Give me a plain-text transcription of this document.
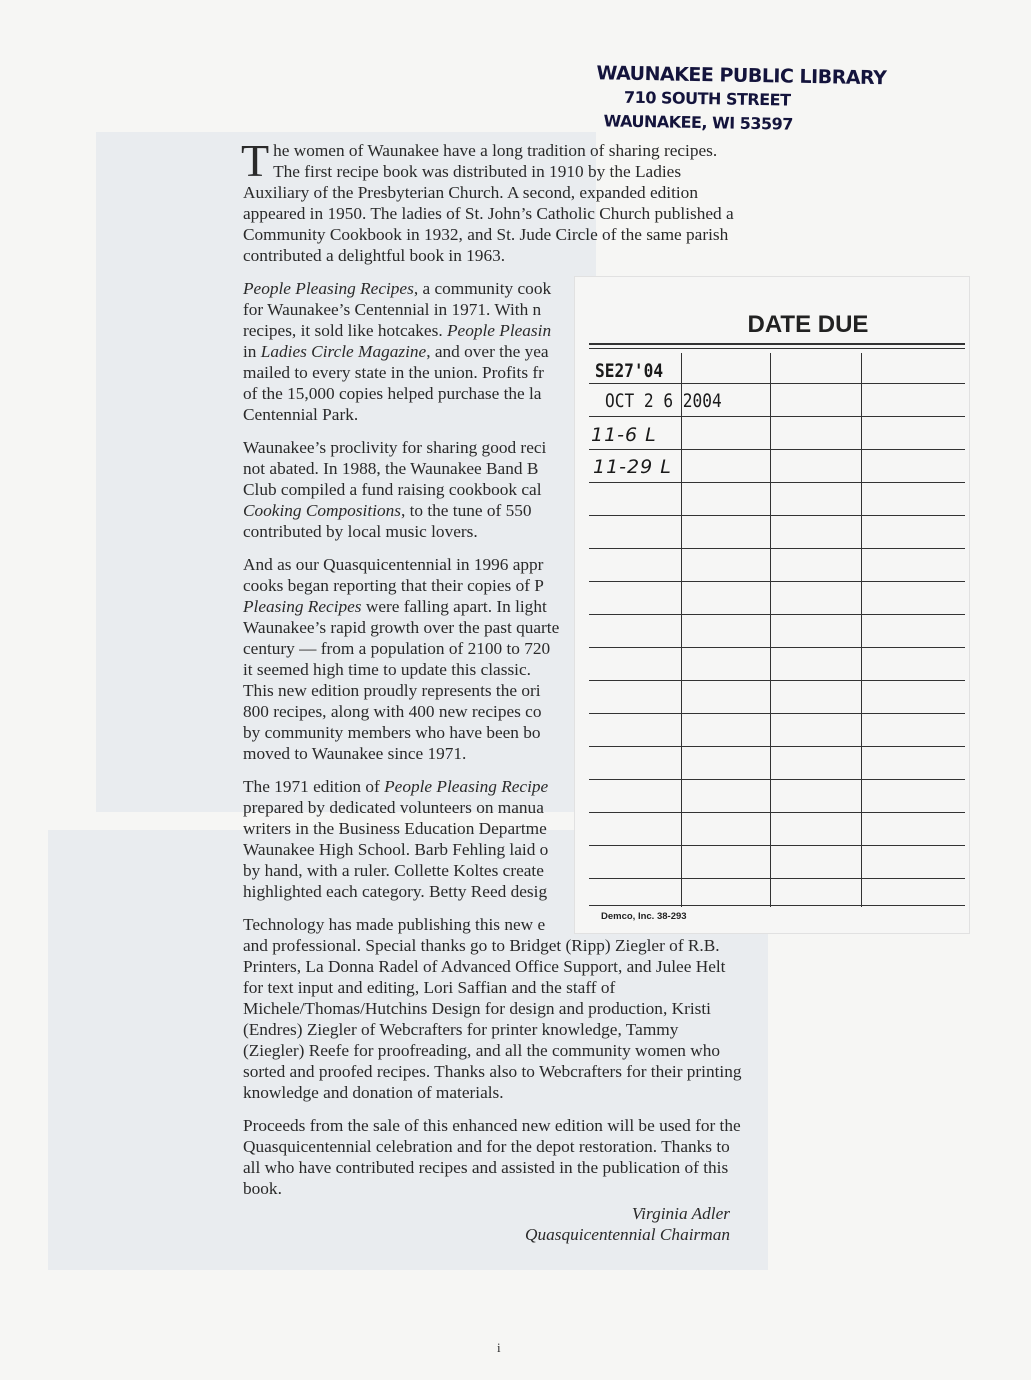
WAUNAKEE PUBLIC LIBRARY
710 SOUTH STREET
WAUNAKEE, WI 53597

The women of Waunakee have a long tradition of sharing recipes. The first recipe book was distributed in 1910 by the Ladies Auxiliary of the Presbyterian Church. A second, expanded edition appeared in 1950. The ladies of St. John’s Catholic Church published a Community Cookbook in 1932, and St. Jude Circle of the same parish contributed a delightful book in 1963.

People Pleasing Recipes, a community cook
for Waunakee’s Centennial in 1971. With n
recipes, it sold like hotcakes. People Pleasin
in Ladies Circle Magazine, and over the yea
mailed to every state in the union. Profits fr
of the 15,000 copies helped purchase the la
Centennial Park.

Waunakee’s proclivity for sharing good reci
not abated. In 1988, the Waunakee Band B
Club compiled a fund raising cookbook cal
Cooking Compositions, to the tune of 550
contributed by local music lovers.

And as our Quasquicentennial in 1996 appr
cooks began reporting that their copies of P
Pleasing Recipes were falling apart. In light
Waunakee’s rapid growth over the past quarte
century — from a population of 2100 to 720
it seemed high time to update this classic.
This new edition proudly represents the ori
800 recipes, along with 400 new recipes co
by community members who have been bo
moved to Waunakee since 1971.

The 1971 edition of People Pleasing Recipe
prepared by dedicated volunteers on manua
writers in the Business Education Departme
Waunakee High School. Barb Fehling laid o
by hand, with a ruler. Collette Koltes create
highlighted each category. Betty Reed desig

Technology has made publishing this new e
and professional. Special thanks go to Bridget (Ripp) Ziegler of R.B. Printers, La Donna Radel of Advanced Office Support, and Julee Helt for text input and editing, Lori Saffian and the staff of Michele/Thomas/Hutchins Design for design and production, Kristi (Endres) Ziegler of Webcrafters for printer knowledge, Tammy (Ziegler) Reefe for proofreading, and all the community women who sorted and proofed recipes. Thanks also to Webcrafters for their printing knowledge and donation of materials.

Proceeds from the sale of this enhanced new edition will be used for the Quasquicentennial celebration and for the depot restoration. Thanks to all who have contributed recipes and assisted in the publication of this book.

Virginia Adler
Quasquicentennial Chairman
i
DATE DUE
SE27'04
OCT 2 6 2004
11-6 L
11-29 L
Demco, Inc. 38-293
